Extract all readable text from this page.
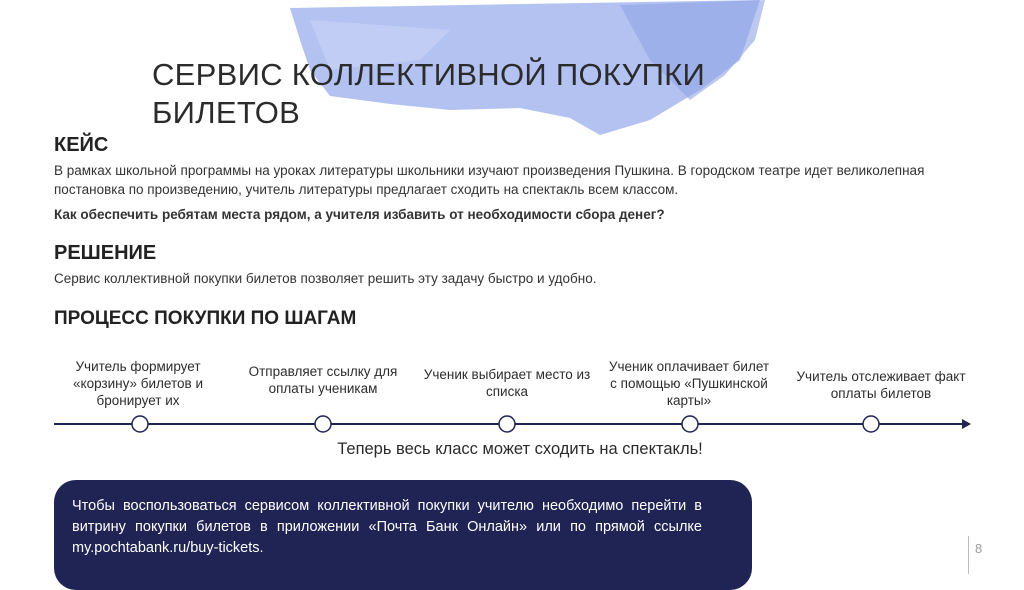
СЕРВИС КОЛЛЕКТИВНОЙ ПОКУПКИ
БИЛЕТОВ
КЕЙС
В рамках школьной программы на уроках литературы школьники изучают произведения Пушкина. В городском театре идет великолепная постановка по произведению, учитель литературы предлагает сходить на спектакль всем классом.
Как обеспечить ребятам места рядом, а учителя избавить от необходимости сбора денег?
РЕШЕНИЕ
Сервис коллективной покупки билетов позволяет решить эту задачу быстро и удобно.
ПРОЦЕСС ПОКУПКИ ПО ШАГАМ
Учитель формирует «корзину» билетов и бронирует их
Отправляет ссылку для оплаты ученикам
Ученик выбирает место из списка
Ученик оплачивает билет с помощью «Пушкинской карты»
Учитель отслеживает факт оплаты билетов
Теперь весь класс может сходить на спектакль!
Чтобы воспользоваться сервисом коллективной покупки учителю необходимо перейти в витрину покупки билетов в приложении «Почта Банк Онлайн» или по прямой ссылке my.pochtabank.ru/buy-tickets.	8
